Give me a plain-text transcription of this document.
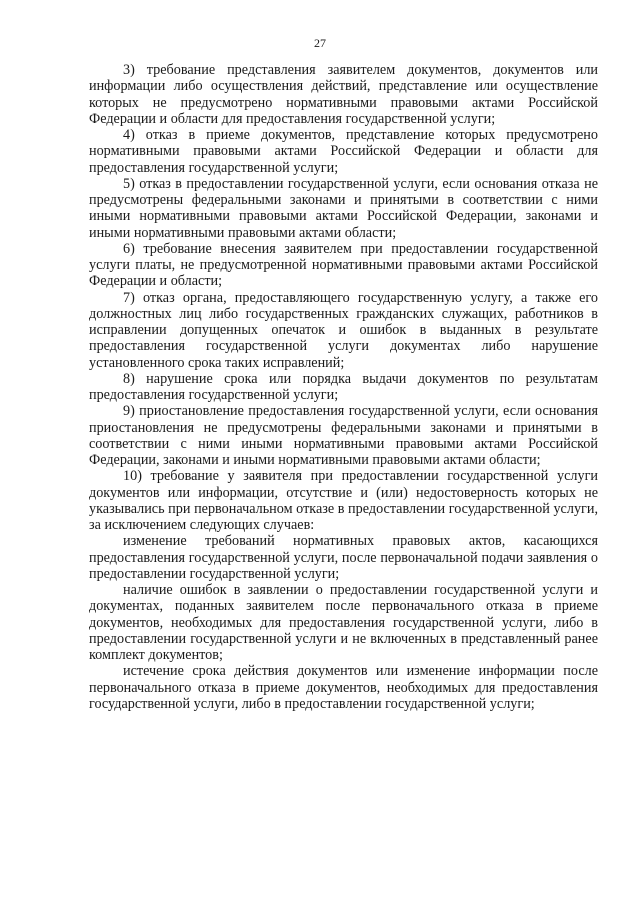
27

3) требование представления заявителем документов, документов или информации либо осуществления действий, представление или осуществление которых не предусмотрено нормативными правовыми актами Российской Федерации и области для предоставления государственной услуги;

4) отказ в приеме документов, представление которых предусмотрено нормативными правовыми актами Российской Федерации и области для предоставления государственной услуги;

5) отказ в предоставлении государственной услуги, если основания отказа не предусмотрены федеральными законами и принятыми в соответствии с ними иными нормативными правовыми актами Российской Федерации, законами и иными нормативными правовыми актами области;

6) требование внесения заявителем при предоставлении государственной услуги платы, не предусмотренной нормативными правовыми актами Российской Федерации и области;

7) отказ органа, предоставляющего государственную услугу, а также его должностных лиц либо государственных гражданских служащих, работников в исправлении допущенных опечаток и ошибок в выданных в результате предоставления государственной услуги документах либо нарушение установленного срока таких исправлений;

8) нарушение срока или порядка выдачи документов по результатам предоставления государственной услуги;

9) приостановление предоставления государственной услуги, если основания приостановления не предусмотрены федеральными законами и принятыми в соответствии с ними иными нормативными правовыми актами Российской Федерации, законами и иными нормативными правовыми актами области;

10) требование у заявителя при предоставлении государственной услуги документов или информации, отсутствие и (или) недостоверность которых не указывались при первоначальном отказе в предоставлении государственной услуги, за исключением следующих случаев:

изменение требований нормативных правовых актов, касающихся предоставления государственной услуги, после первоначальной подачи заявления о предоставлении государственной услуги;

наличие ошибок в заявлении о предоставлении государственной услуги и документах, поданных заявителем после первоначального отказа в приеме документов, необходимых для предоставления государственной услуги, либо в предоставлении государственной услуги и не включенных в представленный ранее комплект документов;

истечение срока действия документов или изменение информации после первоначального отказа в приеме документов, необходимых для предоставления государственной услуги, либо в предоставлении государственной услуги;
